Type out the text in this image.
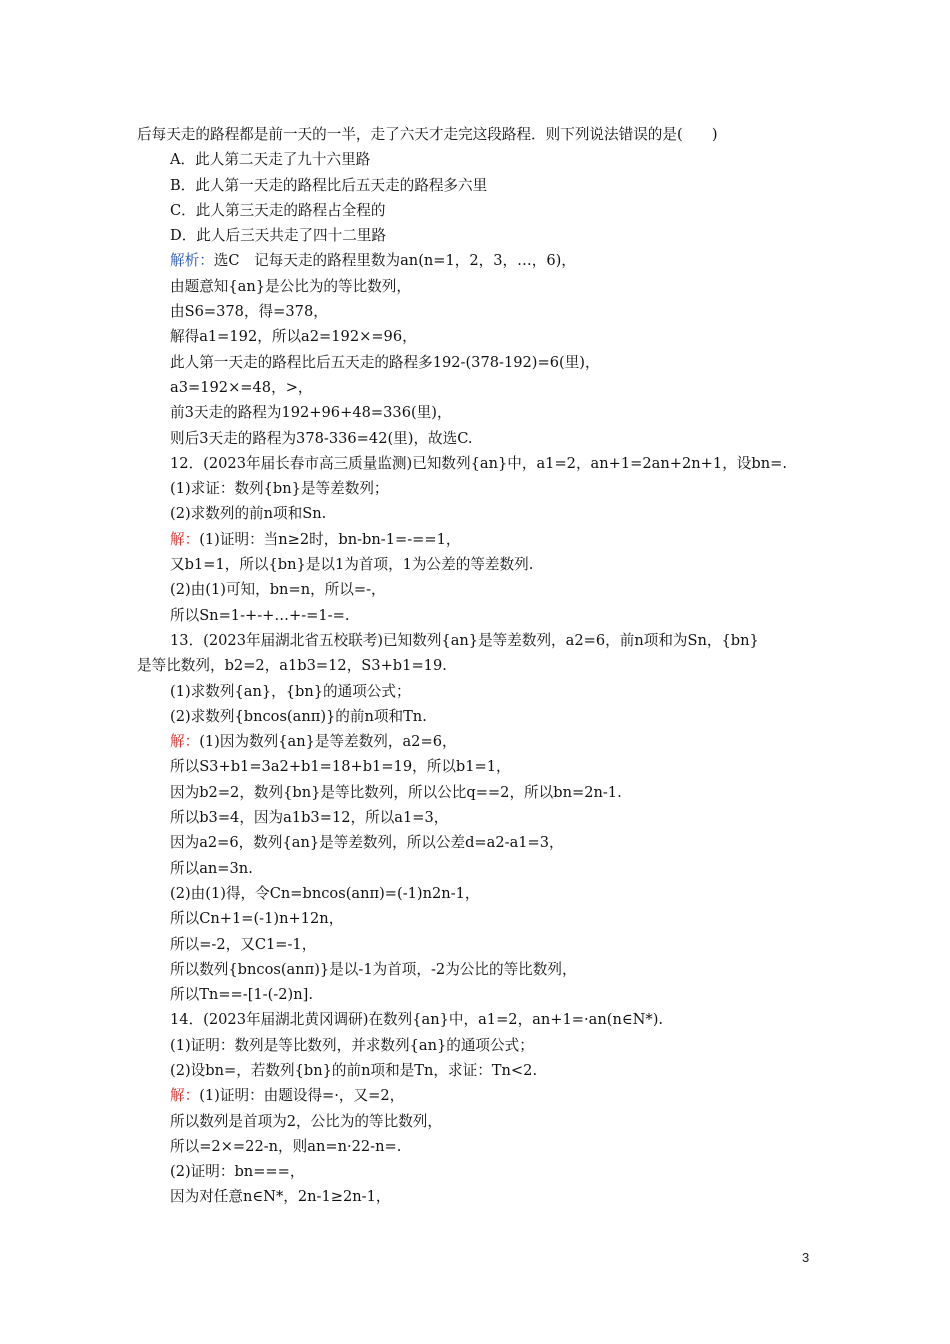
后每天走的路程都是前一天的一半，走了六天才走完这段路程．则下列说法错误的是(　　)
A．此人第二天走了九十六里路
B．此人第一天走的路程比后五天走的路程多六里
C．此人第三天走的路程占全程的
D．此人后三天共走了四十二里路
解析：选C　记每天走的路程里数为an(n=1，2，3，…，6)，
由题意知{an}是公比为的等比数列，
由S6=378，得=378，
解得a1=192，所以a2=192×=96，
此人第一天走的路程比后五天走的路程多192-(378-192)=6(里)，
a3=192×=48，>，
前3天走的路程为192+96+48=336(里)，
则后3天走的路程为378-336=42(里)，故选C.
12．(2023年届长春市高三质量监测)已知数列{an}中，a1=2，an+1=2an+2n+1，设bn=.
(1)求证：数列{bn}是等差数列；
(2)求数列的前n项和Sn.
解：(1)证明：当n≥2时，bn-bn-1=-==1，
又b1=1，所以{bn}是以1为首项，1为公差的等差数列.
(2)由(1)可知，bn=n，所以=-，
所以Sn=1-+-+…+-=1-=.
13．(2023年届湖北省五校联考)已知数列{an}是等差数列，a2=6，前n项和为Sn，{bn}
是等比数列，b2=2，a1b3=12，S3+b1=19.
(1)求数列{an}，{bn}的通项公式；
(2)求数列{bncos(anπ)}的前n项和Tn.
解：(1)因为数列{an}是等差数列，a2=6，
所以S3+b1=3a2+b1=18+b1=19，所以b1=1，
因为b2=2，数列{bn}是等比数列，所以公比q==2，所以bn=2n-1.
所以b3=4，因为a1b3=12，所以a1=3，
因为a2=6，数列{an}是等差数列，所以公差d=a2-a1=3，
所以an=3n.
(2)由(1)得，令Cn=bncos(anπ)=(-1)n2n-1，
所以Cn+1=(-1)n+12n，
所以=-2，又C1=-1，
所以数列{bncos(anπ)}是以-1为首项，-2为公比的等比数列，
所以Tn==-[1-(-2)n].
14．(2023年届湖北黄冈调研)在数列{an}中，a1=2，an+1=·an(n∈N*).
(1)证明：数列是等比数列，并求数列{an}的通项公式；
(2)设bn=，若数列{bn}的前n项和是Tn，求证：Tn<2.
解：(1)证明：由题设得=·，又=2，
所以数列是首项为2，公比为的等比数列，
所以=2×=22-n，则an=n·22-n=.
(2)证明：bn===，
因为对任意n∈N*，2n-1≥2n-1，
3
